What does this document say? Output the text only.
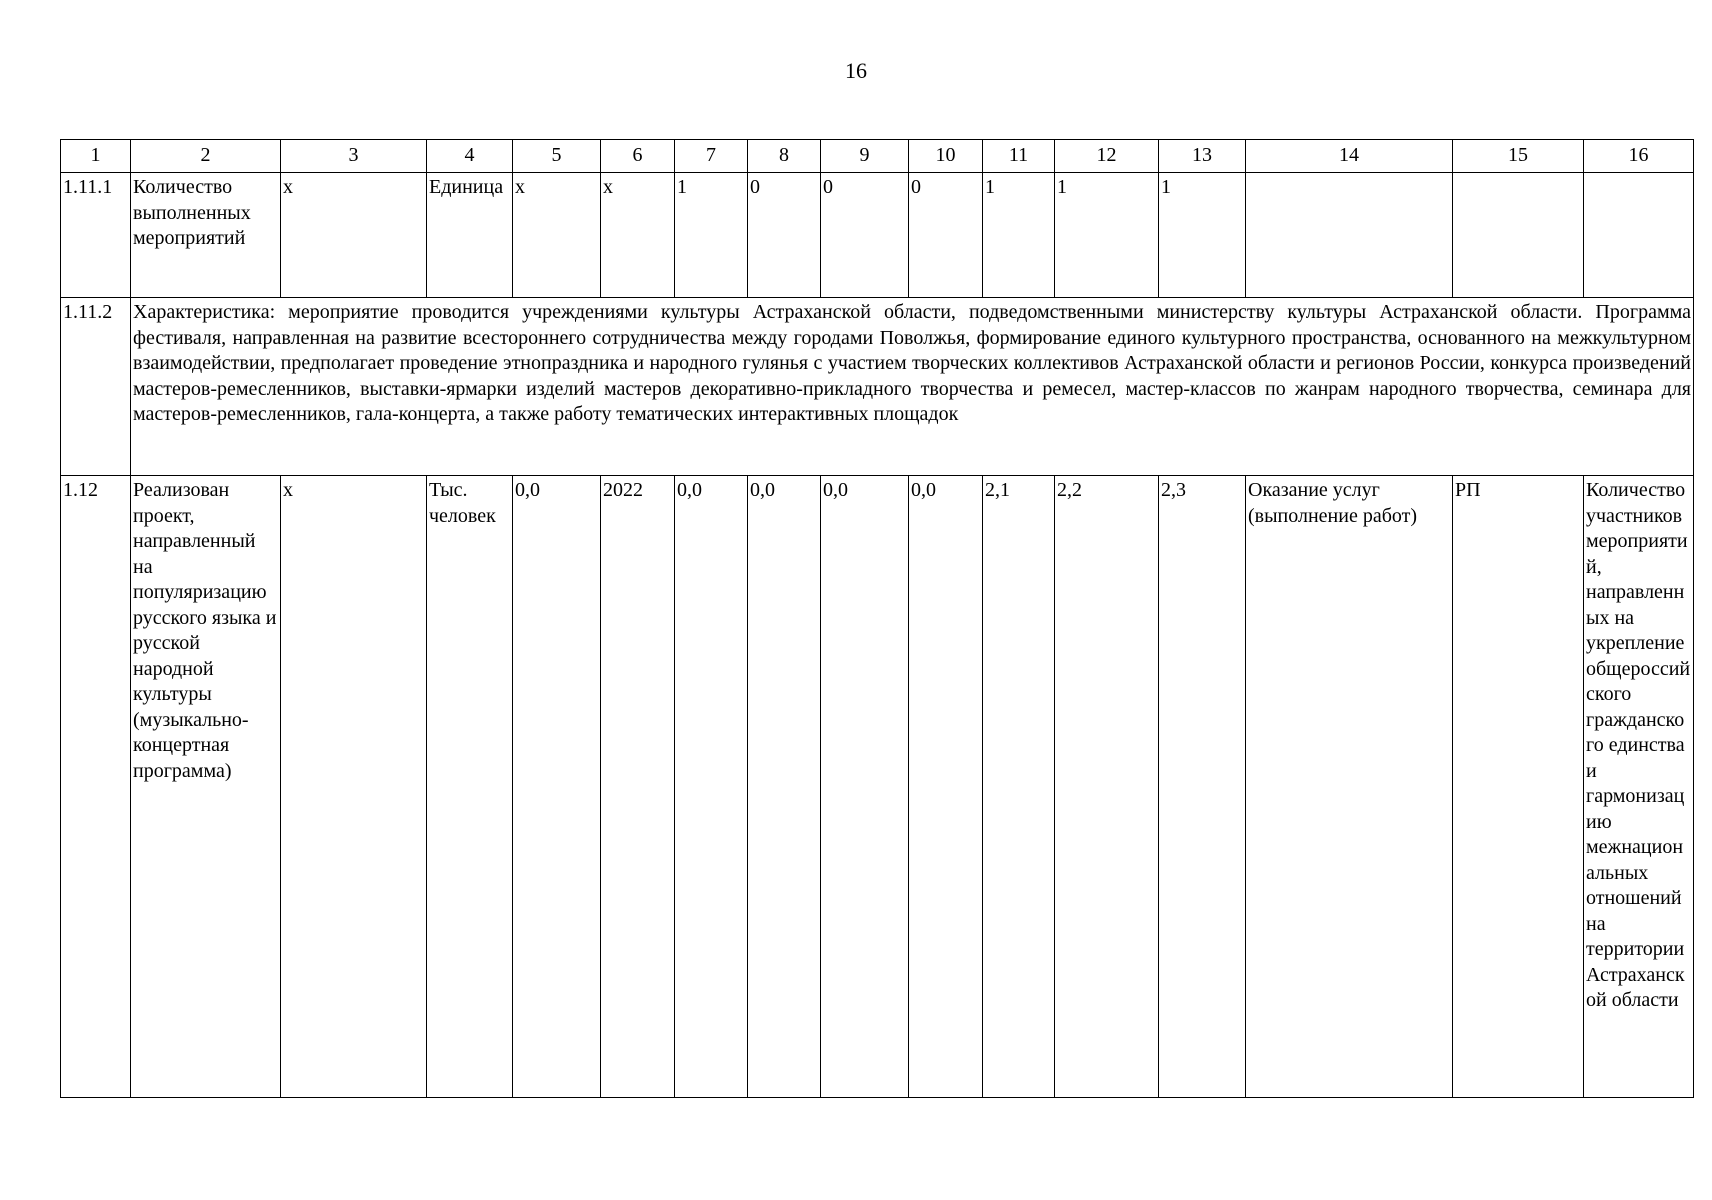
16
1	2	3	4	5	6	7	8	9	10	11	12	13	14	15	16
1.11.1	Количество выполненных мероприятий	х	Единица	х	х	1	0	0	0	1	1	1			
1.11.2	Характеристика: мероприятие проводится учреждениями культуры Астраханской области, подведомственными министерству культуры Астраханской области. Программа фестиваля, направленная на развитие всестороннего сотрудничества между городами Поволжья, формирование единого культурного пространства, основанного на межкультурном взаимодействии, предполагает проведение этнопраздника и народного гулянья с участием творческих коллективов Астраханской области и регионов России, конкурса произведений мастеров-ремесленников, выставки-ярмарки изделий мастеров декоративно-прикладного творчества и ремесел, мастер-классов по жанрам народного творчества, семинара для мастеров-ремесленников, гала-концерта, а также работу тематических интерактивных площадок														
1.12	Реализован проект, направленный на популяризацию русского языка и русской народной культуры (музыкально-концертная программа)	х	Тыс. человек	0,0	2022	0,0	0,0	0,0	0,0	2,1	2,2	2,3	Оказание услуг (выполнение работ)	РП	Количество участников мероприятий, направленных на укрепление общероссийского гражданского единства и гармонизацию межнациональных отношений на территории Астраханской области
